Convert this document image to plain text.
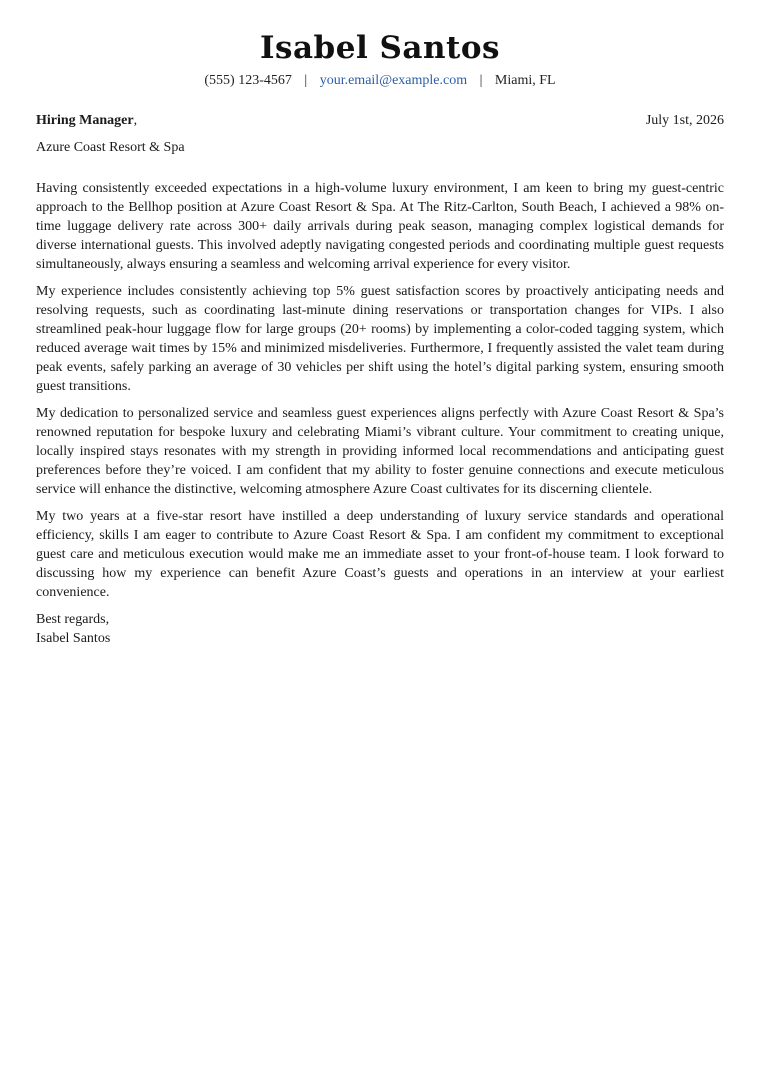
Isabel Santos
(555) 123-4567 | your.email@example.com | Miami, FL
Hiring Manager,	July 1st, 2026
Azure Coast Resort & Spa

Having consistently exceeded expectations in a high-volume luxury environment, I am keen to bring my guest-centric approach to the Bellhop position at Azure Coast Resort & Spa. At The Ritz-Carlton, South Beach, I achieved a 98% on-time luggage delivery rate across 300+ daily arrivals during peak season, managing complex logistical demands for diverse international guests. This involved adeptly navigating congested periods and coordinating multiple guest requests simultaneously, always ensuring a seamless and welcoming arrival experience for every visitor.

My experience includes consistently achieving top 5% guest satisfaction scores by proactively anticipating needs and resolving requests, such as coordinating last-minute dining reservations or transportation changes for VIPs. I also streamlined peak-hour luggage flow for large groups (20+ rooms) by implementing a color-coded tagging system, which reduced average wait times by 15% and minimized misdeliveries. Furthermore, I frequently assisted the valet team during peak events, safely parking an average of 30 vehicles per shift using the hotel’s digital parking system, ensuring smooth guest transitions.

My dedication to personalized service and seamless guest experiences aligns perfectly with Azure Coast Resort & Spa’s renowned reputation for bespoke luxury and celebrating Miami’s vibrant culture. Your commitment to creating unique, locally inspired stays resonates with my strength in providing informed local recommendations and anticipating guest preferences before they’re voiced. I am confident that my ability to foster genuine connections and execute meticulous service will enhance the distinctive, welcoming atmosphere Azure Coast cultivates for its discerning clientele.

My two years at a five-star resort have instilled a deep understanding of luxury service standards and operational efficiency, skills I am eager to contribute to Azure Coast Resort & Spa. I am confident my commitment to exceptional guest care and meticulous execution would make me an immediate asset to your front-of-house team. I look forward to discussing how my experience can benefit Azure Coast’s guests and operations in an interview at your earliest convenience.

Best regards,
Isabel Santos
